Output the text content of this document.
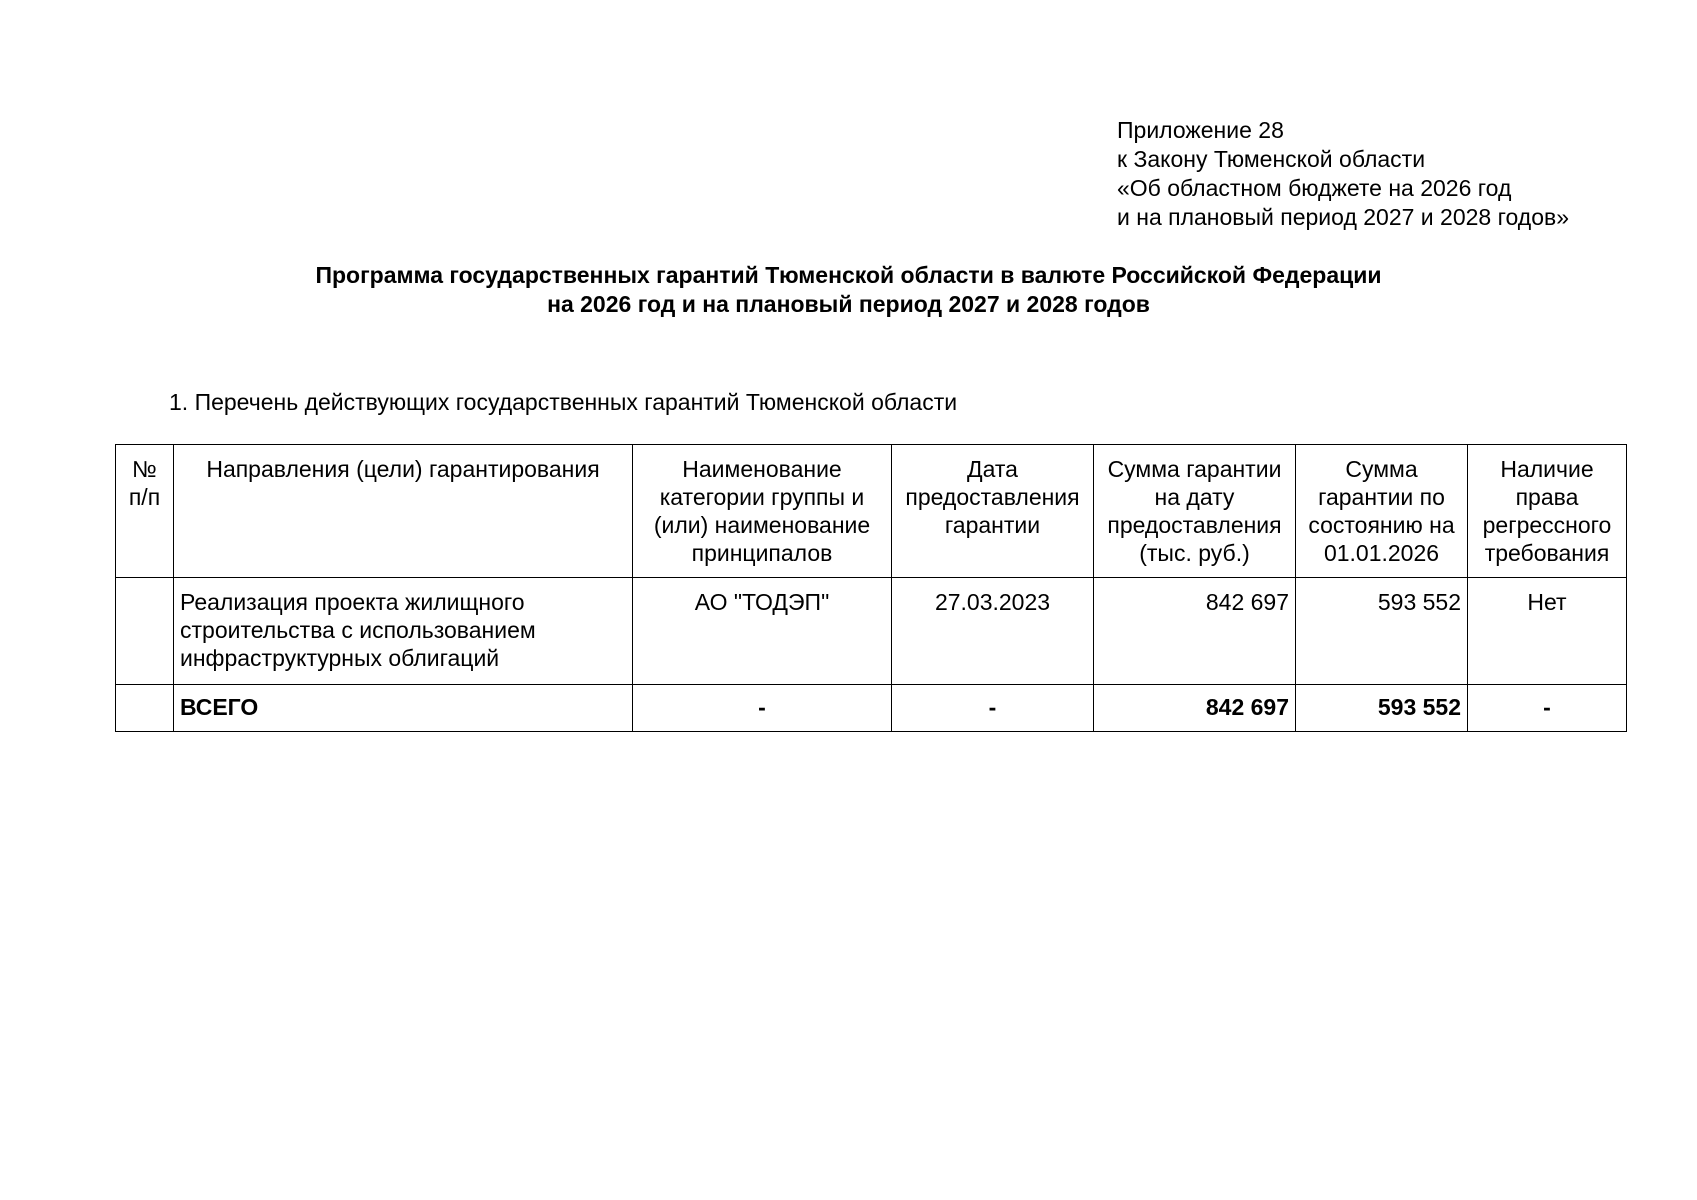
Приложение 28
к Закону Тюменской области
«Об областном бюджете на 2026 год
и на плановый период 2027 и 2028 годов»
Программа государственных гарантий Тюменской области в валюте Российской Федерации
на 2026 год и на плановый период 2027 и 2028 годов
1. Перечень действующих государственных гарантий Тюменской области
№ п/п	Направления (цели) гарантирования	Наименование категории группы и (или) наименование принципалов	Дата предоставления гарантии	Сумма гарантии на дату предоставления (тыс. руб.)	Сумма гарантии по состоянию на 01.01.2026	Наличие права регрессного требования
	Реализация проекта жилищного строительства с использованием инфраструктурных облигаций	АО "ТОДЭП"	27.03.2023	842 697	593 552	Нет
	ВСЕГО	-	-	842 697	593 552	-
